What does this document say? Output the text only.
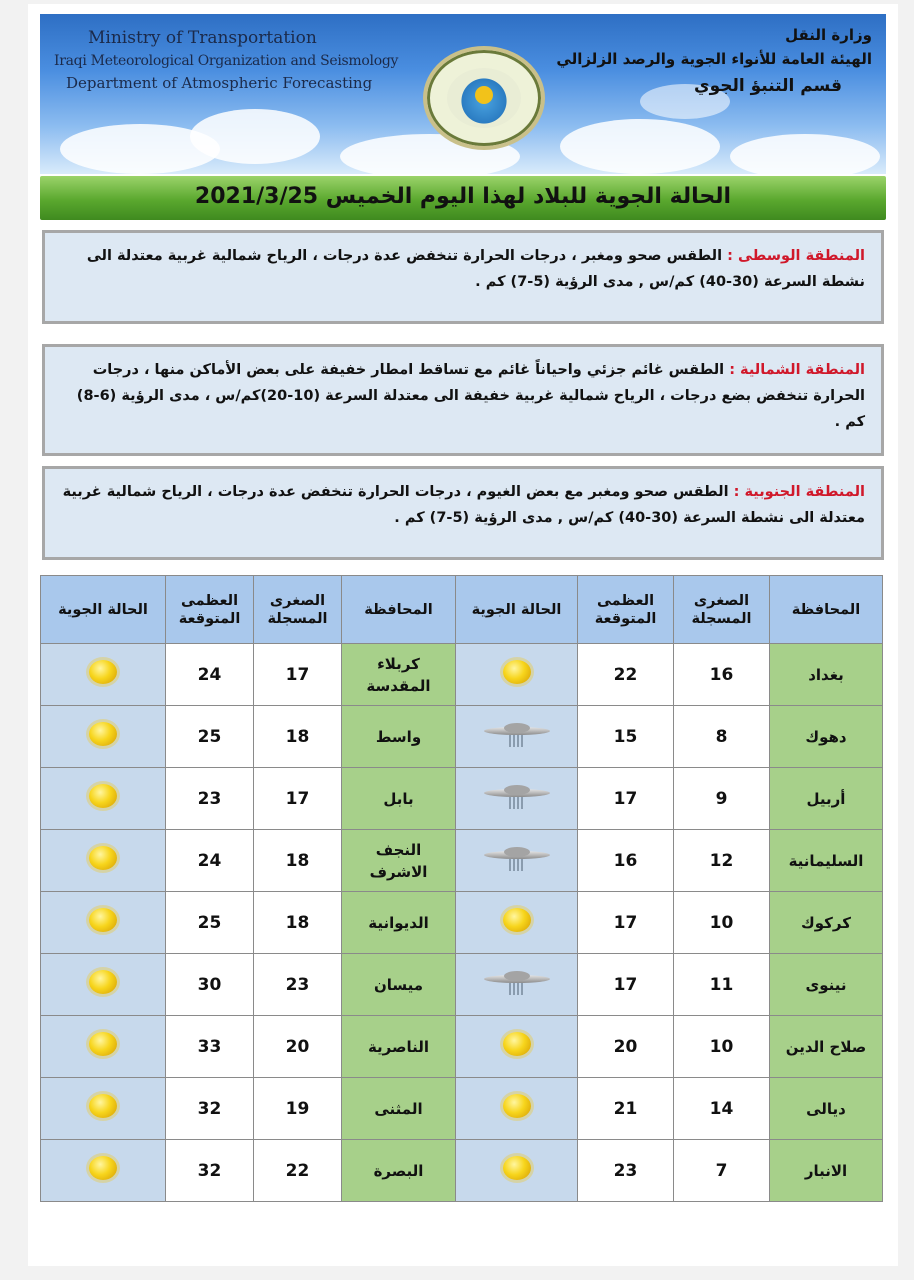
Ministry of Transportation
Iraqi Meteorological Organization and Seismology
Department of Atmospheric Forecasting
وزارة النقل
الهيئة العامة للأنواء الجوية والرصد الزلزالي
قسم التنبؤ الجوي
الحالة الجوية للبلاد لهذا اليوم الخميس 2021/3/25

المنطقة الوسطى : الطقس صحو ومغبر ، درجات الحرارة تنخفض عدة درجات ، الرياح شمالية غربية معتدلة الى نشطة السرعة (30-40) كم/س , مدى الرؤية (5-7) كم .

المنطقة الشمالية : الطقس غائم جزئي واحياناً غائم مع تساقط امطار خفيفة على بعض الأماكن منها ، درجات الحرارة تنخفض بضع درجات ، الرياح شمالية غربية خفيفة الى معتدلة السرعة (10-20)كم/س ، مدى الرؤية (6-8) كم .

المنطقة الجنوبية : الطقس صحو ومغبر مع بعض الغيوم ، درجات الحرارة تنخفض عدة درجات ، الرياح شمالية غربية معتدلة الى نشطة السرعة (30-40) كم/س , مدى الرؤية (5-7) كم .

الحالة الجوية	العظمى المتوقعة	الصغرى المسجلة	المحافظة	الحالة الجوية	العظمى المتوقعة	الصغرى المسجلة	المحافظة

	24	17	كربلاء المقدسة		22	16	بغداد

	25	18	واسط		15	8	دهوك

	23	17	بابل		17	9	أربيل

	24	18	النجف الاشرف		16	12	السليمانية

	25	18	الديوانية		17	10	كركوك

	30	23	ميسان		17	11	نينوى

	33	20	الناصرية		20	10	صلاح الدين

	32	19	المثنى		21	14	ديالى

	32	22	البصرة		23	7	الانبار
